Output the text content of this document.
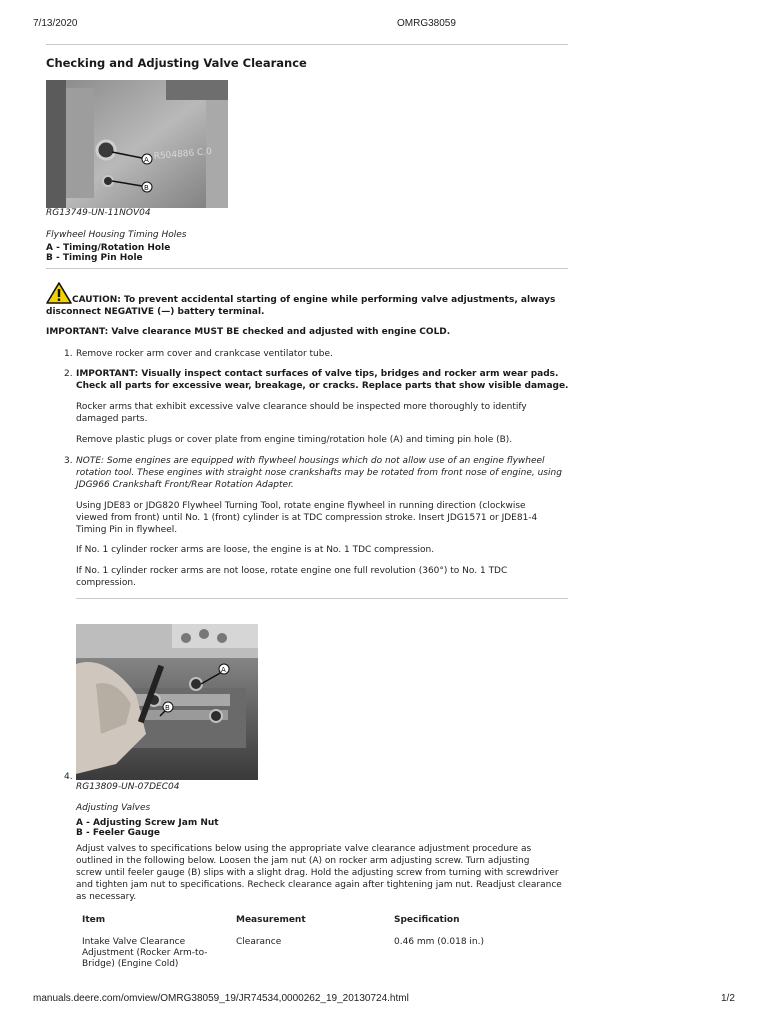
7/13/2020	OMRG38059
Checking and Adjusting Valve Clearance
R504886 C.0
A
B
RG13749-UN-11NOV04
Flywheel Housing Timing Holes
A - Timing/Rotation Hole
B - Timing Pin Hole
CAUTION: To prevent accidental starting of engine while performing valve adjustments, always
disconnect NEGATIVE (—) battery terminal.
IMPORTANT: Valve clearance MUST BE checked and adjusted with engine COLD.
1. Remove rocker arm cover and crankcase ventilator tube.
2. IMPORTANT: Visually inspect contact surfaces of valve tips, bridges and rocker arm wear pads.
Check all parts for excessive wear, breakage, or cracks. Replace parts that show visible damage.
Rocker arms that exhibit excessive valve clearance should be inspected more thoroughly to identify
damaged parts.
Remove plastic plugs or cover plate from engine timing/rotation hole (A) and timing pin hole (B).
3. NOTE: Some engines are equipped with flywheel housings which do not allow use of an engine flywheel
rotation tool. These engines with straight nose crankshafts may be rotated from front nose of engine, using
JDG966 Crankshaft Front/Rear Rotation Adapter.
Using JDE83 or JDG820 Flywheel Turning Tool, rotate engine flywheel in running direction (clockwise
viewed from front) until No. 1 (front) cylinder is at TDC compression stroke. Insert JDG1571 or JDE81-4
Timing Pin in flywheel.
If No. 1 cylinder rocker arms are loose, the engine is at No. 1 TDC compression.
If No. 1 cylinder rocker arms are not loose, rotate engine one full revolution (360°) to No. 1 TDC
compression.
A
B
4.
RG13809-UN-07DEC04
Adjusting Valves
A - Adjusting Screw Jam Nut
B - Feeler Gauge
Adjust valves to specifications below using the appropriate valve clearance adjustment procedure as
outlined in the following below. Loosen the jam nut (A) on rocker arm adjusting screw. Turn adjusting
screw until feeler gauge (B) slips with a slight drag. Hold the adjusting screw from turning with screwdriver
and tighten jam nut to specifications. Recheck clearance again after tightening jam nut. Readjust clearance
as necessary.
Item	Measurement	Specification

Intake Valve Clearance
Adjustment (Rocker Arm-to-
Bridge) (Engine Cold)	Clearance	0.46 mm (0.018 in.)
manuals.deere.com/omview/OMRG38059_19/JR74534,0000262_19_20130724.html	1/2
